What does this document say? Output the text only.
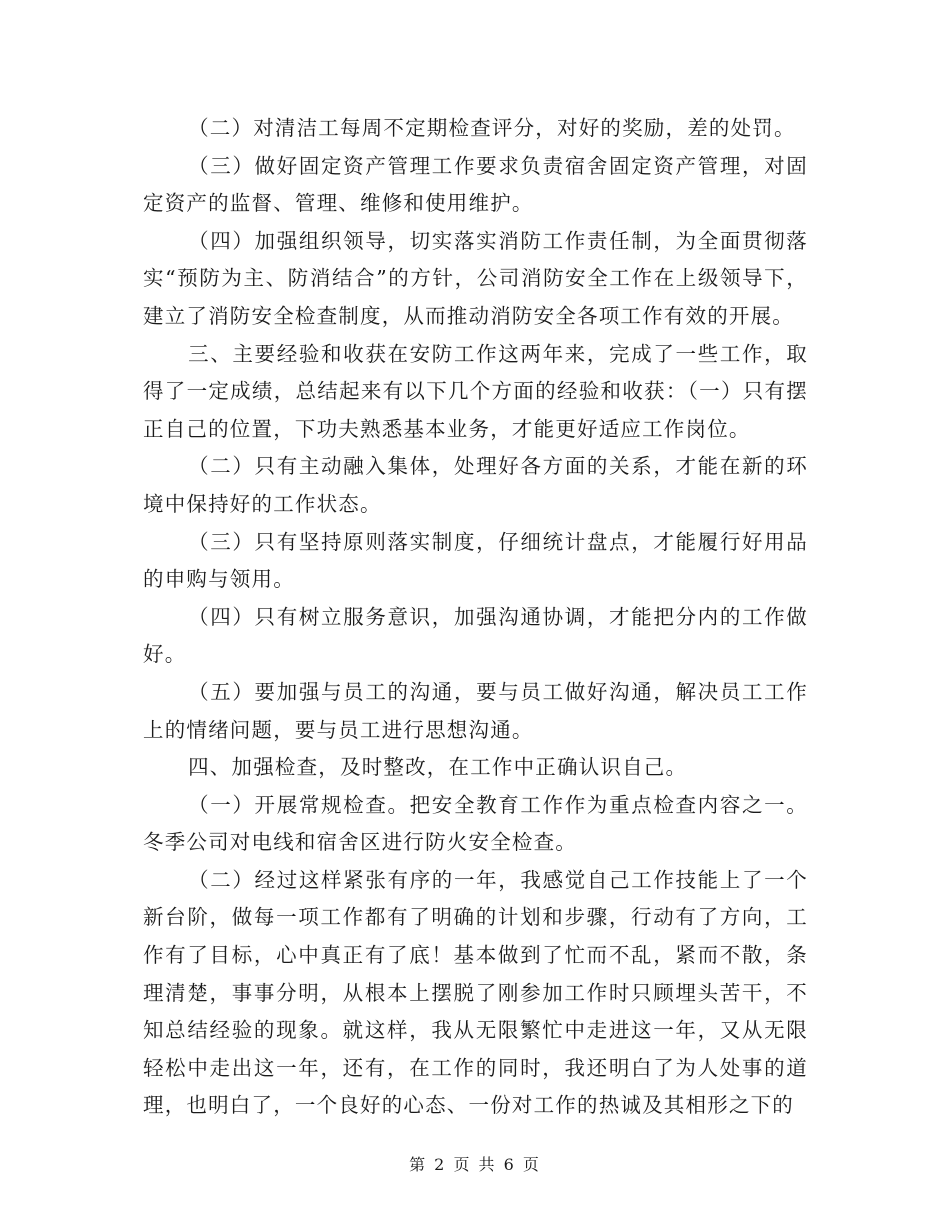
（二）对清洁工每周不定期检查评分，对好的奖励，差的处罚。

（三）做好固定资产管理工作要求负责宿舍固定资产管理，对固定资产的监督、管理、维修和使用维护。

（四）加强组织领导，切实落实消防工作责任制，为全面贯彻落实“预防为主、防消结合”的方针，公司消防安全工作在上级领导下，建立了消防安全检查制度，从而推动消防安全各项工作有效的开展。

三、主要经验和收获在安防工作这两年来，完成了一些工作，取得了一定成绩，总结起来有以下几个方面的经验和收获：（一）只有摆正自己的位置，下功夫熟悉基本业务，才能更好适应工作岗位。

（二）只有主动融入集体，处理好各方面的关系，才能在新的环境中保持好的工作状态。

（三）只有坚持原则落实制度，仔细统计盘点，才能履行好用品的申购与领用。

（四）只有树立服务意识，加强沟通协调，才能把分内的工作做好。

（五）要加强与员工的沟通，要与员工做好沟通，解决员工工作上的情绪问题，要与员工进行思想沟通。

四、加强检查，及时整改，在工作中正确认识自己。

（一）开展常规检查。把安全教育工作作为重点检查内容之一。冬季公司对电线和宿舍区进行防火安全检查。

（二）经过这样紧张有序的一年，我感觉自己工作技能上了一个新台阶，做每一项工作都有了明确的计划和步骤，行动有了方向，工作有了目标，心中真正有了底！基本做到了忙而不乱，紧而不散，条理清楚，事事分明，从根本上摆脱了刚参加工作时只顾埋头苦干，不知总结经验的现象。就这样，我从无限繁忙中走进这一年，又从无限轻松中走出这一年，还有，在工作的同时，我还明白了为人处事的道理，也明白了，一个良好的心态、一份对工作的热诚及其相形之下的

第 2 页 共 6 页
